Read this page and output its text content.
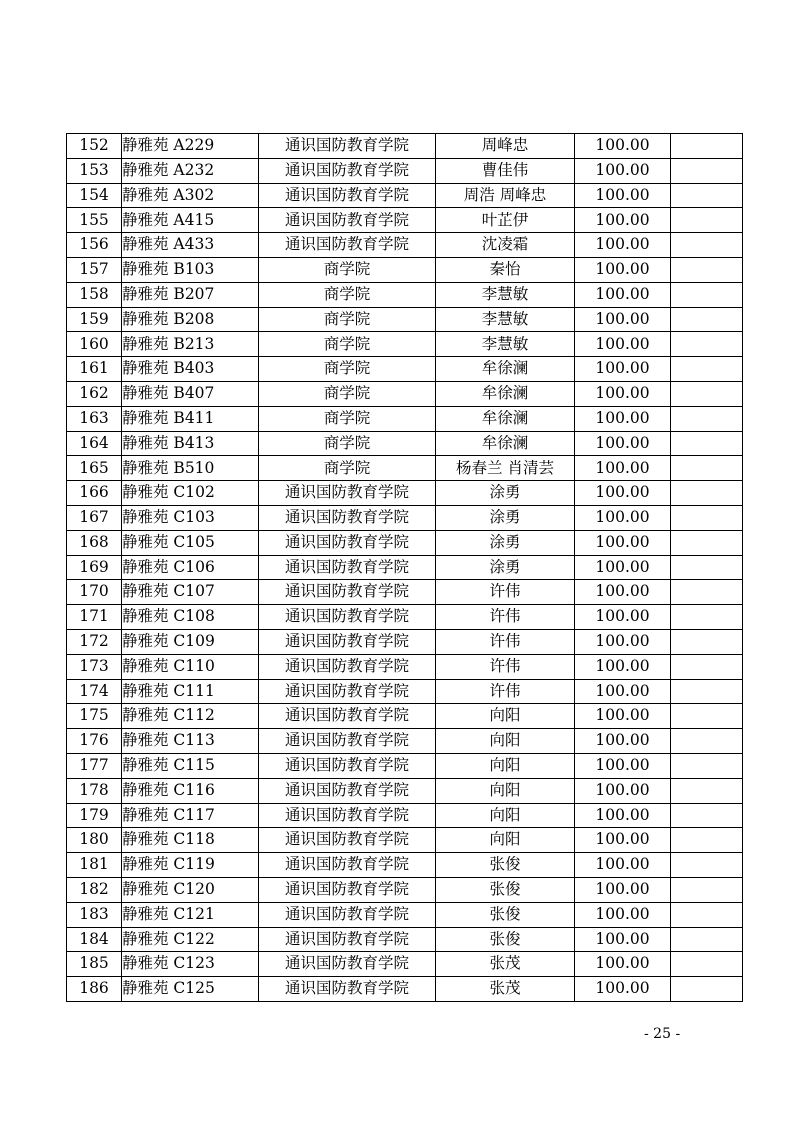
152	静雅苑 A229	通识国防教育学院	周峰忠	100.00	
153	静雅苑 A232	通识国防教育学院	曹佳伟	100.00	
154	静雅苑 A302	通识国防教育学院	周浩 周峰忠	100.00	
155	静雅苑 A415	通识国防教育学院	叶芷伊	100.00	
156	静雅苑 A433	通识国防教育学院	沈凌霜	100.00	
157	静雅苑 B103	商学院	秦怡	100.00	
158	静雅苑 B207	商学院	李慧敏	100.00	
159	静雅苑 B208	商学院	李慧敏	100.00	
160	静雅苑 B213	商学院	李慧敏	100.00	
161	静雅苑 B403	商学院	牟徐澜	100.00	
162	静雅苑 B407	商学院	牟徐澜	100.00	
163	静雅苑 B411	商学院	牟徐澜	100.00	
164	静雅苑 B413	商学院	牟徐澜	100.00	
165	静雅苑 B510	商学院	杨春兰 肖清芸	100.00	
166	静雅苑 C102	通识国防教育学院	涂勇	100.00	
167	静雅苑 C103	通识国防教育学院	涂勇	100.00	
168	静雅苑 C105	通识国防教育学院	涂勇	100.00	
169	静雅苑 C106	通识国防教育学院	涂勇	100.00	
170	静雅苑 C107	通识国防教育学院	许伟	100.00	
171	静雅苑 C108	通识国防教育学院	许伟	100.00	
172	静雅苑 C109	通识国防教育学院	许伟	100.00	
173	静雅苑 C110	通识国防教育学院	许伟	100.00	
174	静雅苑 C111	通识国防教育学院	许伟	100.00	
175	静雅苑 C112	通识国防教育学院	向阳	100.00	
176	静雅苑 C113	通识国防教育学院	向阳	100.00	
177	静雅苑 C115	通识国防教育学院	向阳	100.00	
178	静雅苑 C116	通识国防教育学院	向阳	100.00	
179	静雅苑 C117	通识国防教育学院	向阳	100.00	
180	静雅苑 C118	通识国防教育学院	向阳	100.00	
181	静雅苑 C119	通识国防教育学院	张俊	100.00	
182	静雅苑 C120	通识国防教育学院	张俊	100.00	
183	静雅苑 C121	通识国防教育学院	张俊	100.00	
184	静雅苑 C122	通识国防教育学院	张俊	100.00	
185	静雅苑 C123	通识国防教育学院	张茂	100.00	
186	静雅苑 C125	通识国防教育学院	张茂	100.00	
- 25 -
